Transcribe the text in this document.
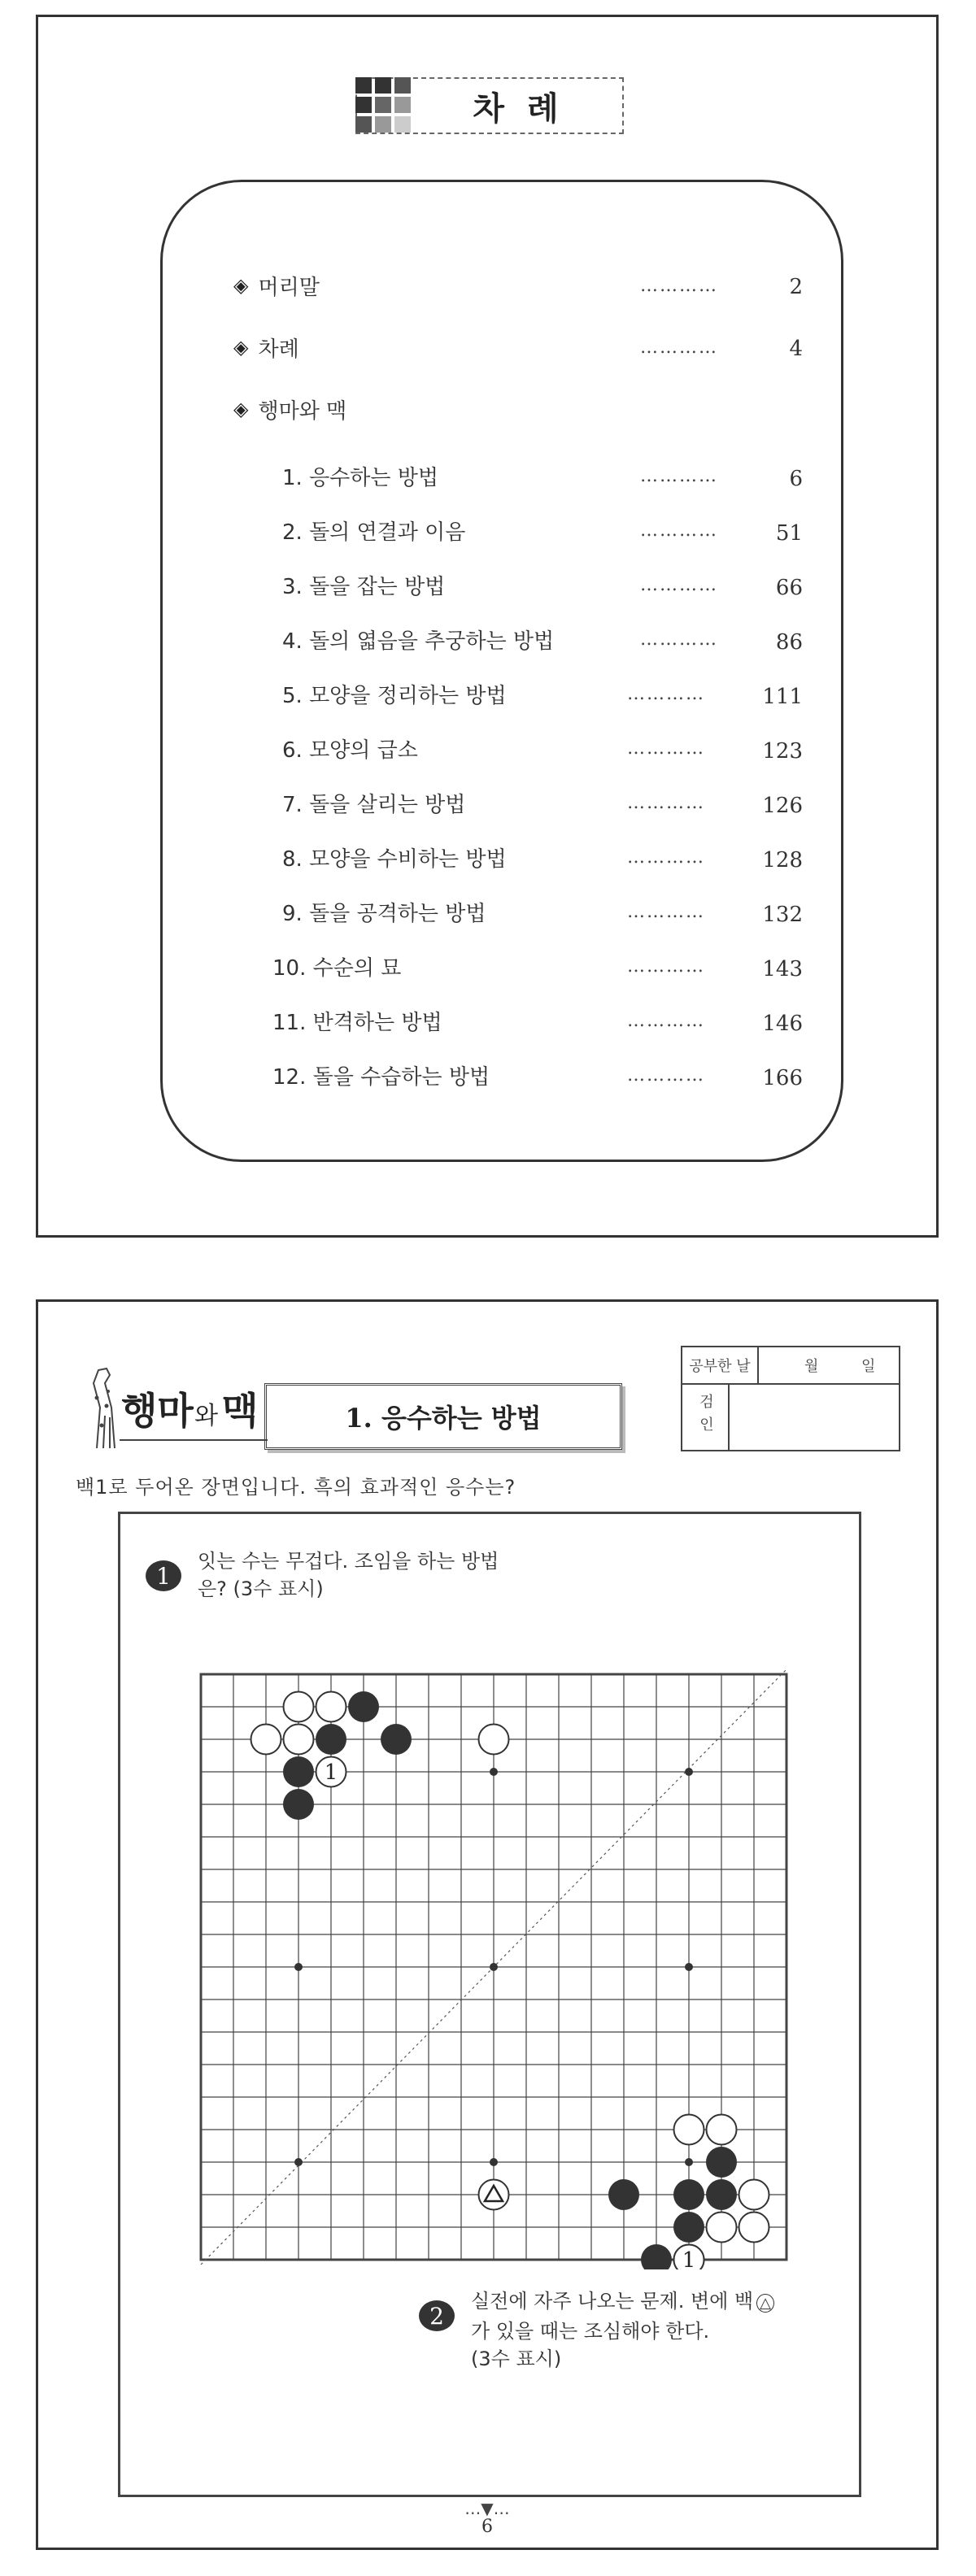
차례
◈ 머리말	…………	2
◈ 차례	…………	4
◈ 행마와 맥
1. 응수하는 방법	…………	6
2. 돌의 연결과 이음	…………	51
3. 돌을 잡는 방법	…………	66
4. 돌의 엷음을 추궁하는 방법	…………	86
5. 모양을 정리하는 방법	…………	111
6. 모양의 급소	…………	123
7. 돌을 살리는 방법	…………	126
8. 모양을 수비하는 방법	…………	128
9. 돌을 공격하는 방법	…………	132
10. 수순의 묘	…………	143
11. 반격하는 방법	…………	146
12. 돌을 수습하는 방법	…………	166
행마 와 맥	1. 응수하는 방법
공부한 날	월	일
검인
백1로 두어온 장면입니다. 흑의 효과적인 응수는?
1
잇는 수는 무겁다. 조임을 하는 방법
은? (3수 표시)
1
1
2
실전에 자주 나오는 문제. 변에 백 △
가 있을 때는 조심해야 한다.
(3수 표시)
…▼…
6
